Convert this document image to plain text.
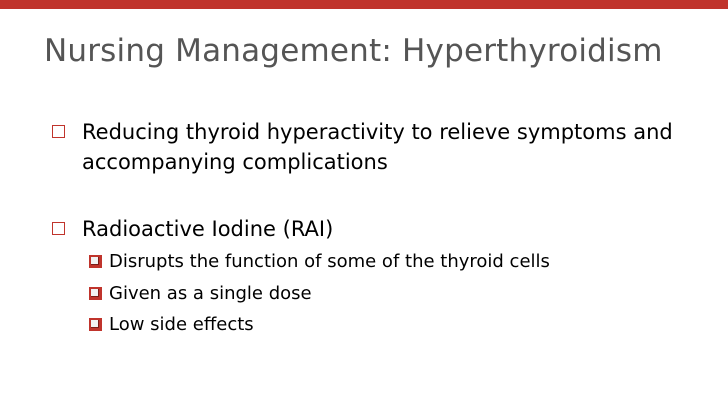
Nursing Management: Hyperthyroidism
Reducing thyroid hyperactivity to relieve symptoms and accompanying complications
Radioactive Iodine (RAI)
Disrupts the function of some of the thyroid cells
Given as a single dose
Low side effects
